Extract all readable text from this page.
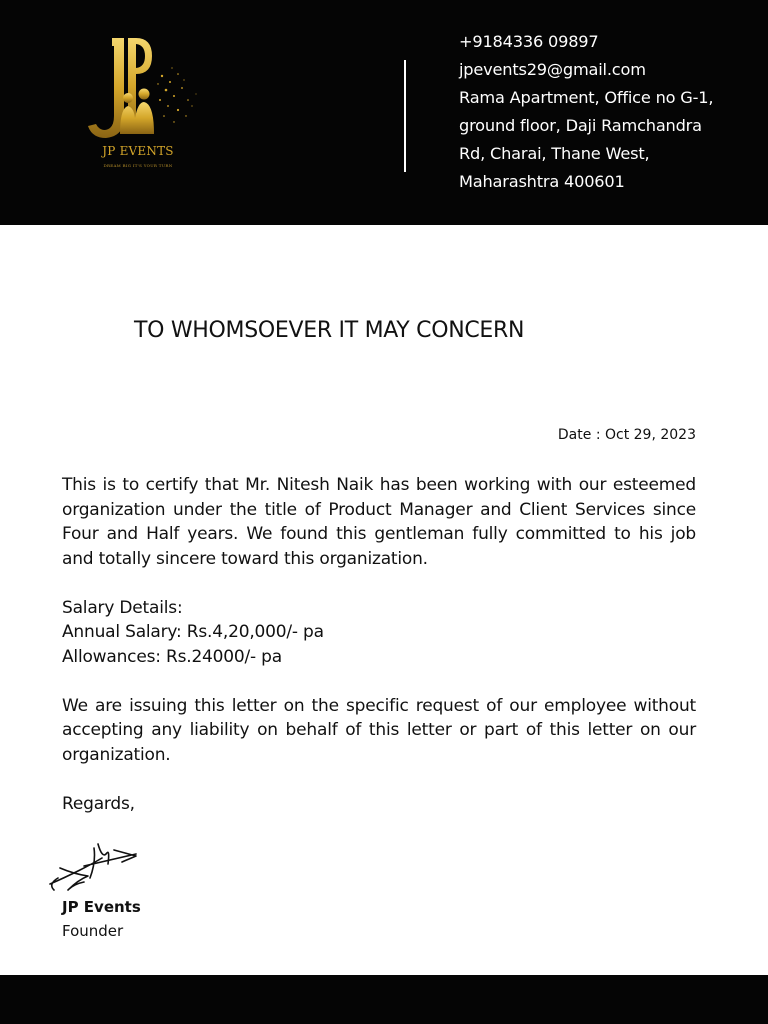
JP EVENTS
DREAM BIG IT'S YOUR TURN
+9184336 09897
jpevents29@gmail.com
Rama Apartment, Office no G-1,
ground floor, Daji Ramchandra
Rd, Charai, Thane West,
Maharashtra 400601
TO WHOMSOEVER IT MAY CONCERN
Date : Oct 29, 2023

This is to certify that Mr. Nitesh Naik has been working with our esteemed organization under the title of Product Manager and Client Services since Four and Half years. We found this gentleman fully committed to his job and totally sincere toward this organization.

Salary Details:
Annual Salary: Rs.4,20,000/- pa
Allowances: Rs.24000/- pa

We are issuing this letter on the specific request of our employee without accepting any liability on behalf of this letter or part of this letter on our organization.

Regards,
JP Events
Founder
